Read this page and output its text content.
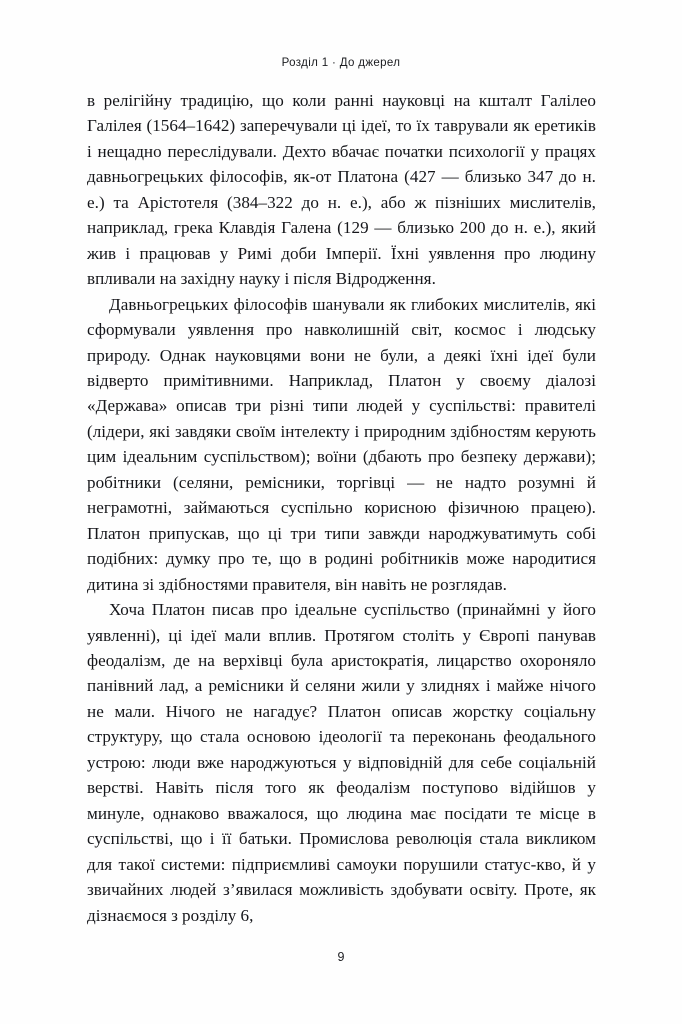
Розділ 1 · До джерел

в релігійну традицію, що коли ранні науковці на кшталт Галілео Галілея (1564–1642) заперечували ці ідеї, то їх таврували як еретиків і нещадно переслідували. Дехто вбачає початки психології у працях давньогрецьких філософів, як-от Платона (427 — близько 347 до н. е.) та Арістотеля (384–322 до н. е.), або ж пізніших мислителів, наприклад, грека Клавдія Галена (129 — близько 200 до н. е.), який жив і працював у Римі доби Імперії. Їхні уявлення про людину впливали на західну науку і після Відродження.

Давньогрецьких філософів шанували як глибоких мислителів, які сформували уявлення про навколишній світ, космос і людську природу. Однак науковцями вони не були, а деякі їхні ідеї були відверто примітивними. Наприклад, Платон у своєму діалозі «Держава» описав три різні типи людей у суспільстві: правителі (лідери, які завдяки своїм інтелекту і природним здібностям керують цим ідеальним суспільством); воїни (дбають про безпеку держави); робітники (селяни, ремісники, торгівці — не надто розумні й неграмотні, займаються суспільно корисною фізичною працею). Платон припускав, що ці три типи завжди народжуватимуть собі подібних: думку про те, що в родині робітників може народитися дитина зі здібностями правителя, він навіть не розглядав.

Хоча Платон писав про ідеальне суспільство (принаймні у його уявленні), ці ідеї мали вплив. Протягом століть у Європі панував феодалізм, де на верхівці була аристократія, лицарство охороняло панівний лад, а ремісники й селяни жили у злиднях і майже нічого не мали. Нічого не нагадує? Платон описав жорстку соціальну структуру, що стала основою ідеології та переконань феодального устрою: люди вже народжуються у відповідній для себе соціальній верстві. Навіть після того як феодалізм поступово відійшов у минуле, однаково вважалося, що людина має посідати те місце в суспільстві, що і її батьки. Промислова революція стала викликом для такої системи: підприємливі самоуки порушили статус-кво, й у звичайних людей з’явилася можливість здобувати освіту. Проте, як дізнаємося з розділу 6,

9
